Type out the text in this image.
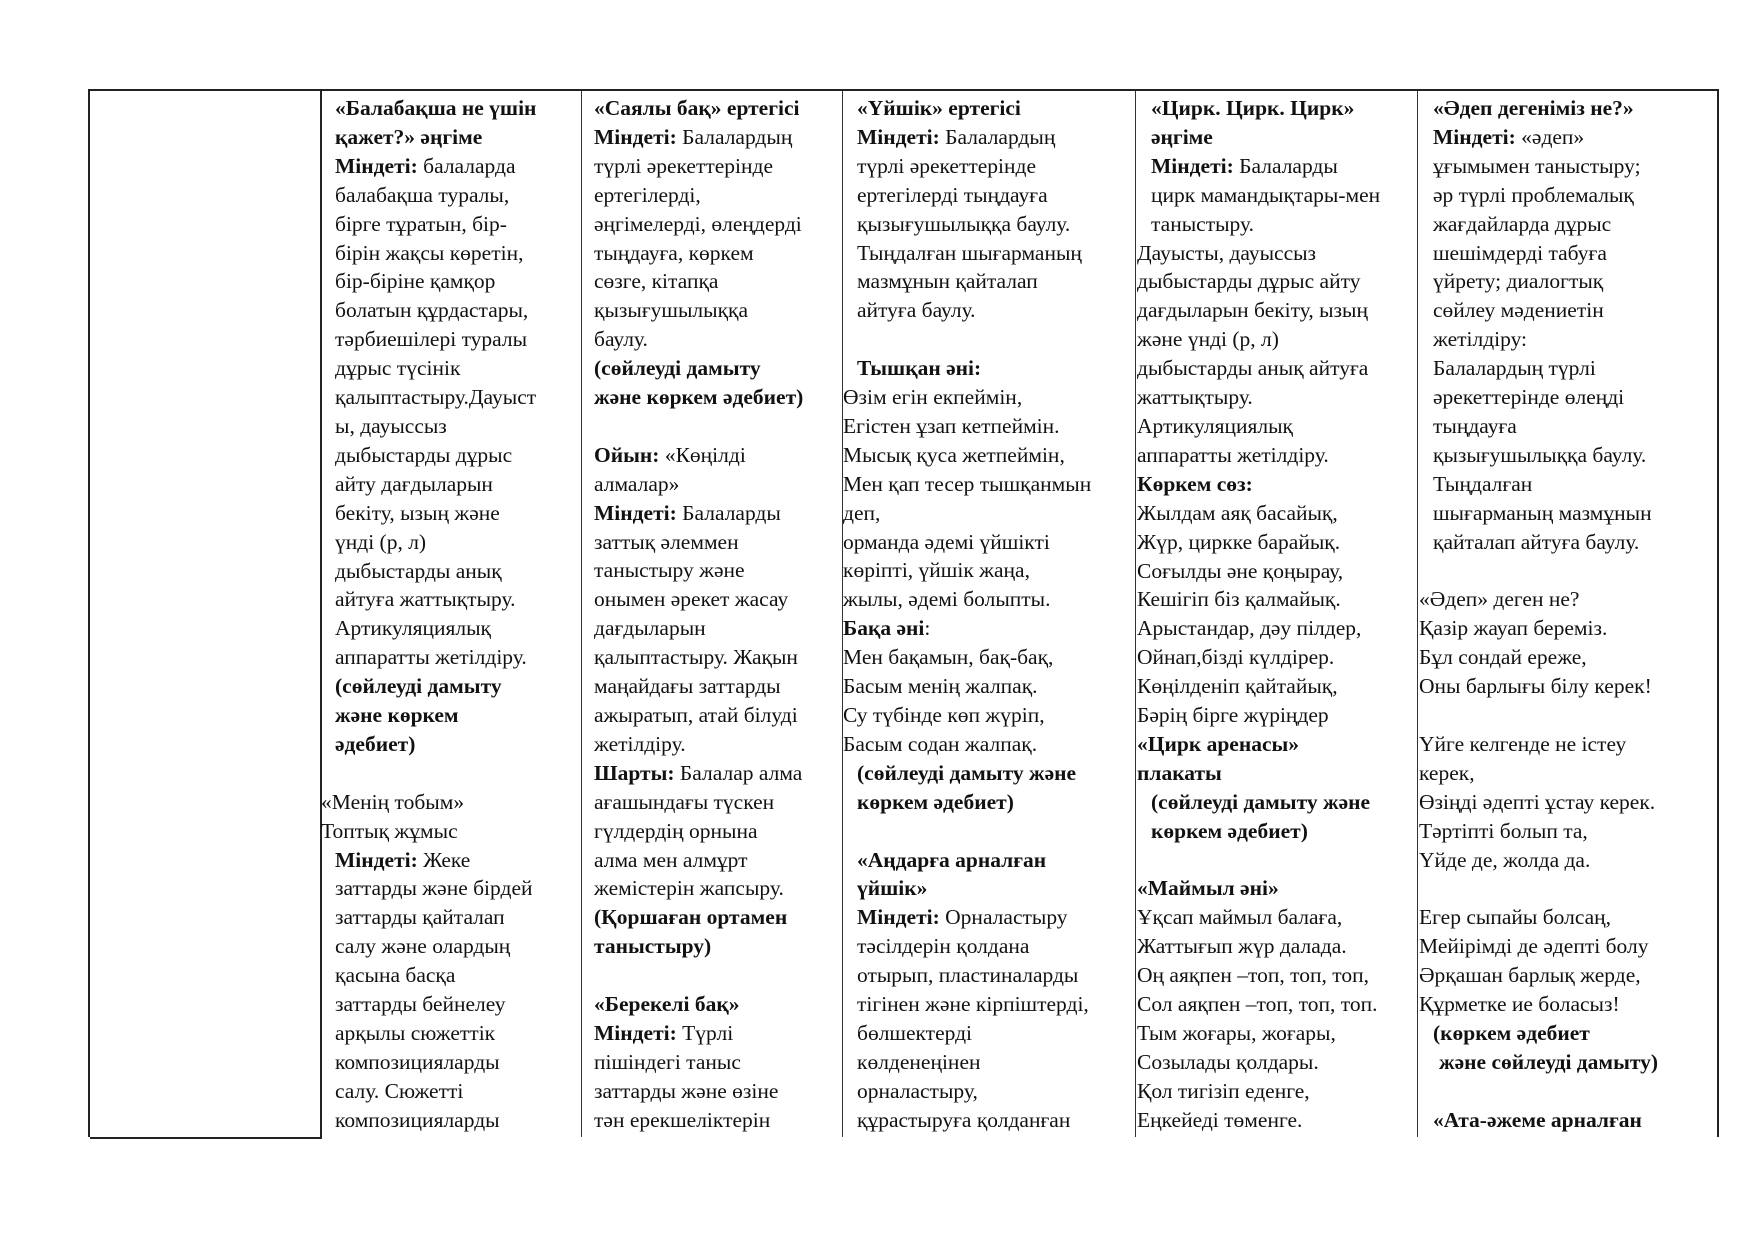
«Балабақша не үшін

қажет?» әңгіме

Міндеті: балаларда

балабақша туралы,

бірге тұратын, бір-

бірін жақсы көретін,

бір-біріне қамқор

болатын құрдастары,

тәрбиешілері туралы

дұрыс түсінік

қалыптастыру.Дауыст

ы, дауыссыз

дыбыстарды дұрыс

айту дағдыларын

бекіту, ызың және

үнді (р, л)

дыбыстарды анық

айтуға жаттықтыру.

Артикуляциялық

аппаратты жетілдіру.

(сөйлеуді дамыту

және көркем

әдебиет)

«Менің тобым»

Топтық жұмыс

Міндеті: Жеке

заттарды және бірдей

заттарды қайталап

салу және олардың

қасына басқа

заттарды бейнелеу

арқылы сюжеттік

композицияларды

салу. Сюжетті

композицияларды

«Саялы бақ» ертегісі

Міндеті: Балалардың

түрлі әрекеттерінде

ертегілерді,

әңгімелерді, өлеңдерді

тыңдауға, көркем

сөзге, кітапқа

қызығушылыққа

баулу.

(сөйлеуді дамыту

және көркем әдебиет)

Ойын: «Көңілді

алмалар»

Міндеті: Балаларды

заттық әлеммен

таныстыру және

онымен әрекет жасау

дағдыларын

қалыптастыру. Жақын

маңайдағы заттарды

ажыратып, атай білуді

жетілдіру.

Шарты: Балалар алма

ағашындағы түскен

гүлдердің орнына

алма мен алмұрт

жемістерін жапсыру.

(Қоршаған ортамен

таныстыру)

«Берекелі бақ»

Міндеті: Түрлі

пішіндегі таныс

заттарды және өзіне

тән ерекшеліктерін

«Үйшік» ертегісі

Міндеті: Балалардың

түрлі әрекеттерінде

ертегілерді тыңдауға

қызығушылыққа баулу.

Тыңдалған шығарманың

мазмұнын қайталап

айтуға баулу.

Тышқан әні:

Өзім егін екпеймін,

Егістен ұзап кетпеймін.

Мысық қуса жетпеймін,

Мен қап тесер тышқанмын

деп,

орманда әдемі үйшікті

көріпті, үйшік жаңа,

жылы, әдемі болыпты.

Бақа әні:

Мен бақамын, бақ-бақ,

Басым менің жалпақ.

Су түбінде көп жүріп,

Басым содан жалпақ.

(сөйлеуді дамыту және

көркем әдебиет)

«Аңдарға арналған

үйшік»

Міндеті: Орналастыру

тәсілдерін қолдана

отырып, пластиналарды

тігінен және кірпіштерді,

бөлшектерді

көлденеңінен

орналастыру,

құрастыруға қолданған

«Цирк. Цирк. Цирк»

әңгіме

Міндеті: Балаларды

цирк мамандықтары-мен

таныстыру.

Дауысты, дауыссыз

дыбыстарды дұрыс айту

дағдыларын бекіту, ызың

және үнді (р, л)

дыбыстарды анық айтуға

жаттықтыру.

Артикуляциялық

аппаратты жетілдіру.

Көркем сөз:

Жылдам аяқ басайық,

Жүр, циркке барайық.

Соғылды әне қоңырау,

Кешігіп біз қалмайық.

Арыстандар, дәу пілдер,

Ойнап,бізді күлдірер.

Көңілденіп қайтайық,

Бәрің бірге жүріңдер

«Цирк аренасы»

плакаты

(сөйлеуді дамыту және

көркем әдебиет)

«Маймыл әні»

Ұқсап маймыл балаға,

Жаттығып жүр далада.

Оң аяқпен –топ, топ, топ,

Сол аяқпен –топ, топ, топ.

Тым жоғары, жоғары,

Созылады қолдары.

Қол тигізіп еденге,

Еңкейеді төменге.

«Әдеп дегеніміз не?»

Міндеті: «әдеп»

ұғымымен таныстыру;

әр түрлі проблемалық

жағдайларда дұрыс

шешімдерді табуға

үйрету; диалогтық

сөйлеу мәдениетін

жетілдіру:

Балалардың түрлі

әрекеттерінде өлеңді

тыңдауға

қызығушылыққа баулу.

Тыңдалған

шығарманың мазмұнын

қайталап айтуға баулу.

«Әдеп» деген не?

Қазір жауап береміз.

Бұл сондай ереже,

Оны барлығы білу керек!

Үйге келгенде не істеу

керек,

Өзіңді әдепті ұстау керек.

Тәртіпті болып та,

Үйде де, жолда да.

Егер сыпайы болсаң,

Мейірімді де әдепті болу

Әрқашан барлық жерде,

Құрметке ие боласыз!

(көркем әдебиет

және сөйлеуді дамыту)

«Ата-әжеме арналған
